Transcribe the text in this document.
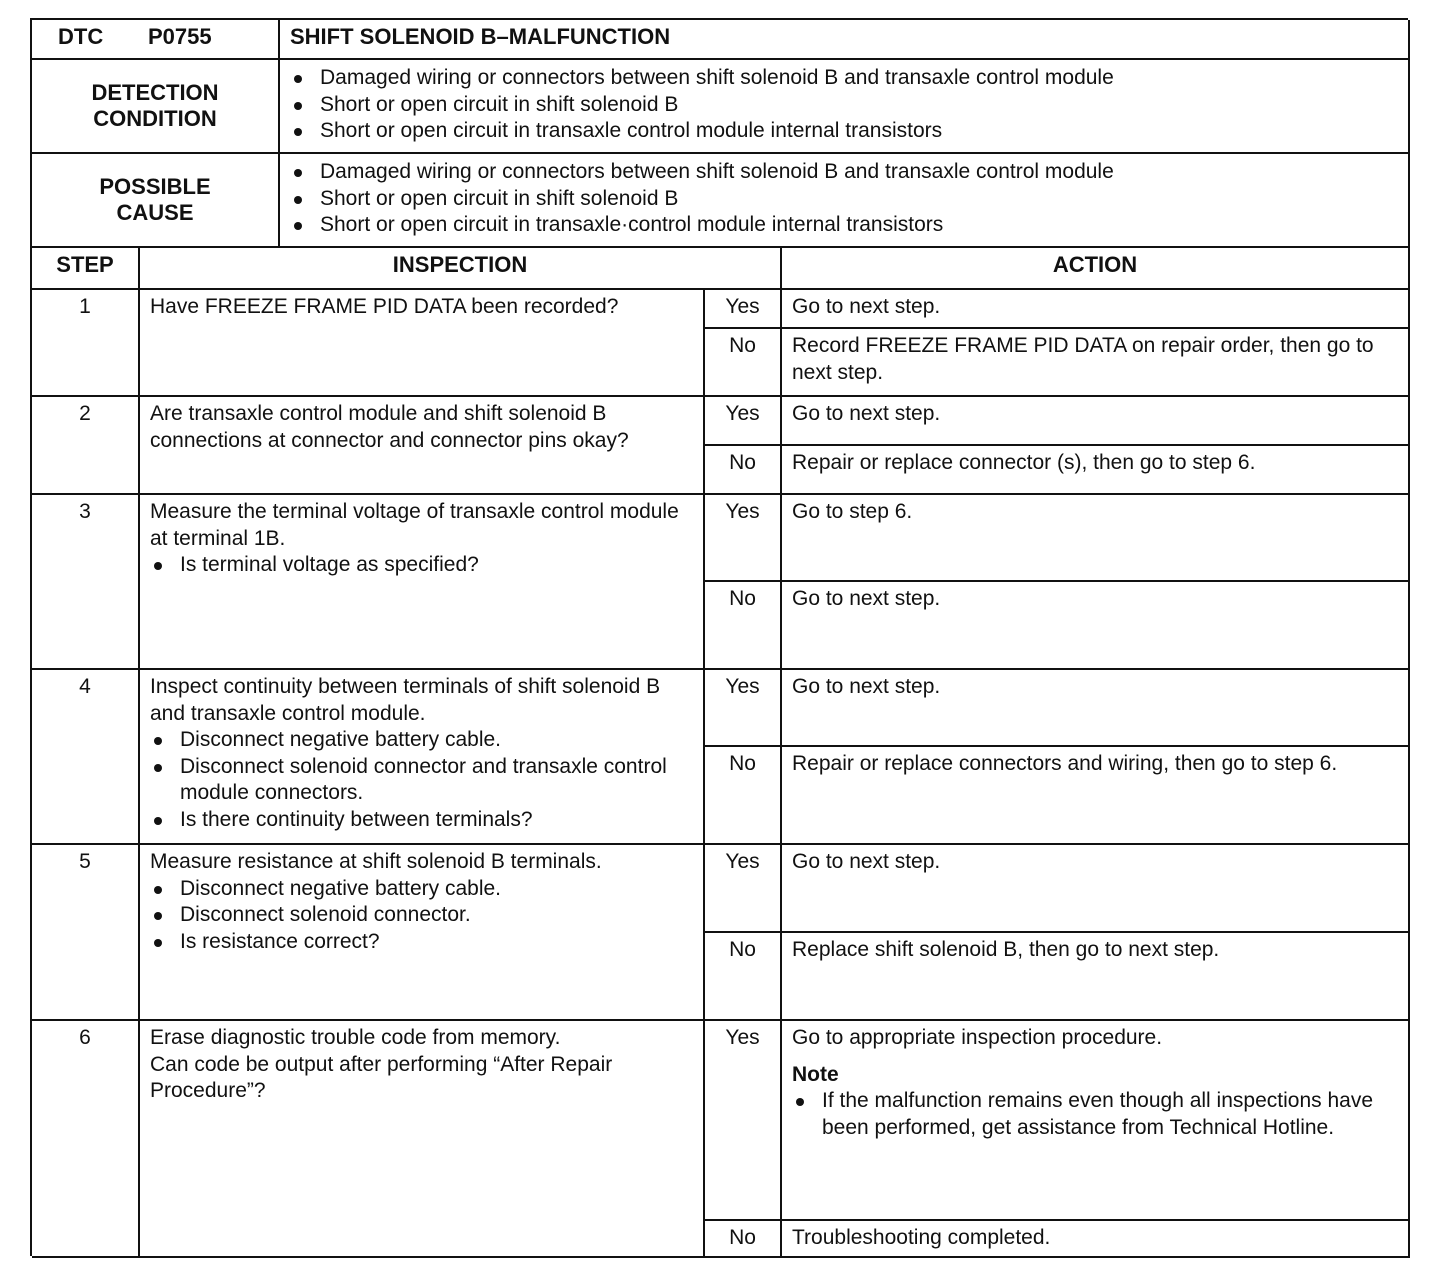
DTC P0755	SHIFT SOLENOID B–MALFUNCTION
DETECTION
CONDITION
Damaged wiring or connectors between shift solenoid B and transaxle control module
Short or open circuit in shift solenoid B
Short or open circuit in transaxle control module internal transistors
POSSIBLE
CAUSE
Damaged wiring or connectors between shift solenoid B and transaxle control module
Short or open circuit in shift solenoid B
Short or open circuit in transaxle·control module internal transistors
STEP	INSPECTION	ACTION
1	Have FREEZE FRAME PID DATA been recorded?	Yes	Go to next step.
No	Record FREEZE FRAME PID DATA on repair order, then go to next step.
2	Are transaxle control module and shift solenoid B connections at connector and connector pins okay?
Yes	Go to next step.
No	Repair or replace connector (s), then go to step 6.
3	Measure the terminal voltage of transaxle control module at terminal 1B.
Is terminal voltage as specified?
Yes	Go to step 6.
No	Go to next step.
4	Inspect continuity between terminals of shift solenoid B and transaxle control module.
Disconnect negative battery cable.
Disconnect solenoid connector and transaxle control module connectors.
Is there continuity between terminals?
Yes	Go to next step.
No	Repair or replace connectors and wiring, then go to step 6.
5	Measure resistance at shift solenoid B terminals.
Disconnect negative battery cable.
Disconnect solenoid connector.
Is resistance correct?
Yes	Go to next step.
No	Replace shift solenoid B, then go to next step.
6	Erase diagnostic trouble code from memory.
Can code be output after performing “After Repair Procedure”?
Yes	Go to appropriate inspection procedure.
Note
If the malfunction remains even though all inspections have been performed, get assistance from Technical Hotline.
No	Troubleshooting completed.
